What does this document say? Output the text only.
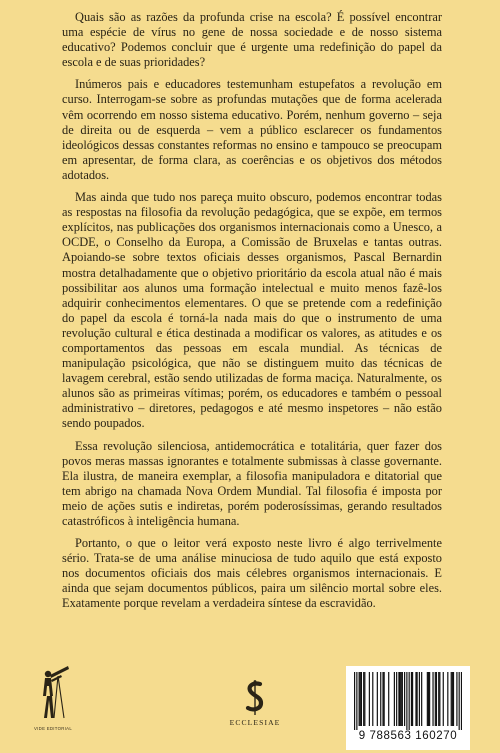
Quais são as razões da profunda crise na escola? É possível encontrar uma espécie de vírus no gene de nossa sociedade e de nosso sistema educativo? Podemos concluir que é urgente uma redefinição do papel da escola e de suas prioridades?

Inúmeros pais e educadores testemunham estupefatos a revolução em curso. Interrogam-se sobre as profundas mutações que de forma acelerada vêm ocorrendo em nosso sistema educativo. Porém, nenhum governo – seja de direita ou de esquerda – vem a público esclarecer os fundamentos ideológicos dessas constantes reformas no ensino e tampouco se preocupam em apresentar, de forma clara, as coerências e os objetivos dos métodos adotados.

Mas ainda que tudo nos pareça muito obscuro, podemos encontrar todas as respostas na filosofia da revolução pedagógica, que se expõe, em termos explícitos, nas publicações dos organismos internacionais como a Unesco, a OCDE, o Conselho da Europa, a Comissão de Bruxelas e tantas outras. Apoiando-se sobre textos oficiais desses organismos, Pascal Bernardin mostra detalhadamente que o objetivo prioritário da escola atual não é mais possibilitar aos alunos uma formação intelectual e muito menos fazê-los adquirir conhecimentos elementares. O que se pretende com a redefinição do papel da escola é torná-la nada mais do que o instrumento de uma revolução cultural e ética destinada a modificar os valores, as atitudes e os comportamentos das pessoas em escala mundial. As técnicas de manipulação psicológica, que não se distinguem muito das técnicas de lavagem cerebral, estão sendo utilizadas de forma maciça. Naturalmente, os alunos são as primeiras vítimas; porém, os educadores e também o pessoal administrativo – diretores, pedagogos e até mesmo inspetores – não estão sendo poupados.

Essa revolução silenciosa, antidemocrática e totalitária, quer fazer dos povos meras massas ignorantes e totalmente submissas à classe governante. Ela ilustra, de maneira exemplar, a filosofia manipuladora e ditatorial que tem abrigo na chamada Nova Ordem Mundial. Tal filosofia é imposta por meio de ações sutis e indiretas, porém poderosíssimas, gerando resultados catastróficos à inteligência humana.

Portanto, o que o leitor verá exposto neste livro é algo terrivelmente sério. Trata-se de uma análise minuciosa de tudo aquilo que está exposto nos documentos oficiais dos mais célebres organismos internacionais. E ainda que sejam documentos públicos, paira um silêncio mortal sobre eles. Exatamente porque revelam a verdadeira síntese da escravidão.

VIDE EDITORIAL
ECCLESIAE
9 788563 160270
